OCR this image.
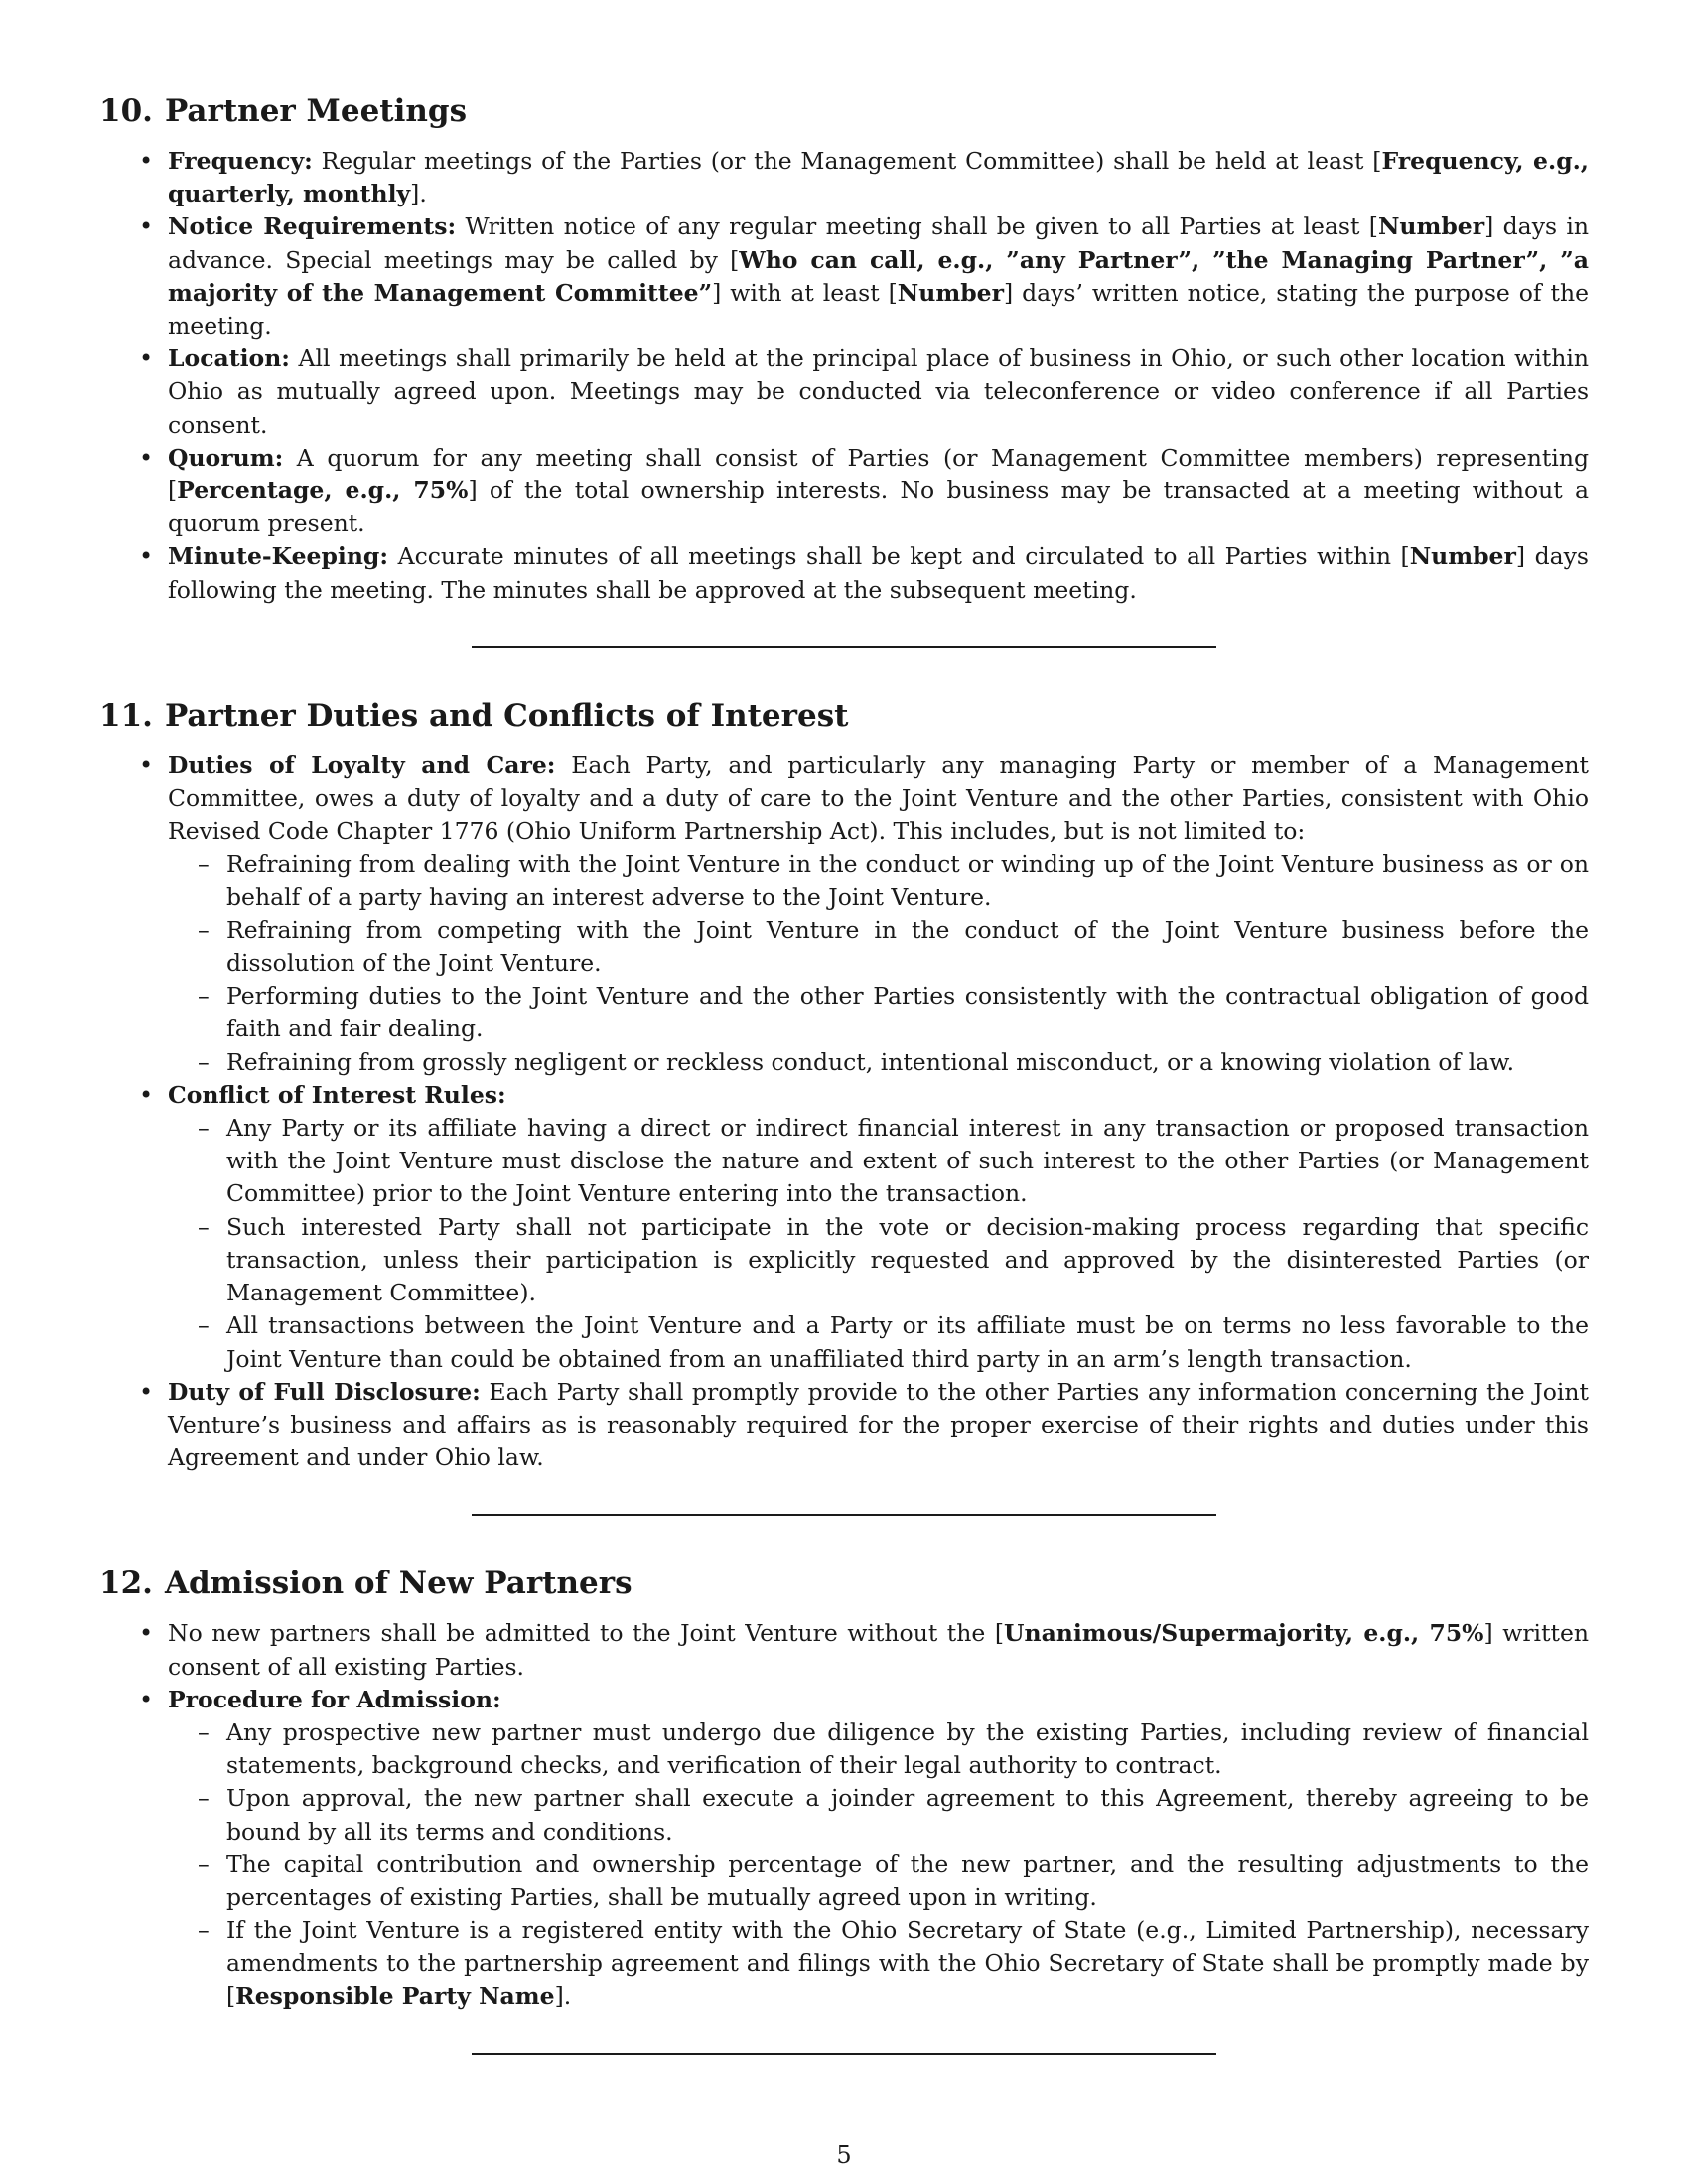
10. Partner Meetings
• Frequency: Regular meetings of the Parties (or the Management Committee) shall be held at least [Frequency, e.g., quarterly, monthly].
• Notice Requirements: Written notice of any regular meeting shall be given to all Parties at least [Number] days in advance. Special meetings may be called by [Who can call, e.g., ”any Partner”, ”the Managing Partner”, ”a majority of the Management Committee”] with at least [Number] days’ written notice, stating the purpose of the meeting.
• Location: All meetings shall primarily be held at the principal place of business in Ohio, or such other location within Ohio as mutually agreed upon. Meetings may be conducted via teleconference or video conference if all Parties consent.
• Quorum: A quorum for any meeting shall consist of Parties (or Management Committee members) representing [Percentage, e.g., 75%] of the total ownership interests. No business may be transacted at a meeting without a quorum present.
• Minute-Keeping: Accurate minutes of all meetings shall be kept and circulated to all Parties within [Number] days following the meeting. The minutes shall be approved at the subsequent meeting.
11. Partner Duties and Conflicts of Interest
• Duties of Loyalty and Care: Each Party, and particularly any managing Party or member of a Management Committee, owes a duty of loyalty and a duty of care to the Joint Venture and the other Parties, consistent with Ohio Revised Code Chapter 1776 (Ohio Uniform Partnership Act). This includes, but is not limited to:
– Refraining from dealing with the Joint Venture in the conduct or winding up of the Joint Venture business as or on behalf of a party having an interest adverse to the Joint Venture.
– Refraining from competing with the Joint Venture in the conduct of the Joint Venture business before the dissolution of the Joint Venture.
– Performing duties to the Joint Venture and the other Parties consistently with the contractual obligation of good faith and fair dealing.
– Refraining from grossly negligent or reckless conduct, intentional misconduct, or a knowing violation of law.
• Conflict of Interest Rules:
– Any Party or its affiliate having a direct or indirect financial interest in any transaction or proposed transaction with the Joint Venture must disclose the nature and extent of such interest to the other Parties (or Management Committee) prior to the Joint Venture entering into the transaction.
– Such interested Party shall not participate in the vote or decision-making process regarding that specific transaction, unless their participation is explicitly requested and approved by the disinterested Parties (or Management Committee).
– All transactions between the Joint Venture and a Party or its affiliate must be on terms no less favorable to the Joint Venture than could be obtained from an unaffiliated third party in an arm’s length transaction.
• Duty of Full Disclosure: Each Party shall promptly provide to the other Parties any information concerning the Joint Venture’s business and affairs as is reasonably required for the proper exercise of their rights and duties under this Agreement and under Ohio law.
12. Admission of New Partners
• No new partners shall be admitted to the Joint Venture without the [Unanimous/Supermajority, e.g., 75%] written consent of all existing Parties.
• Procedure for Admission:
– Any prospective new partner must undergo due diligence by the existing Parties, including review of financial statements, background checks, and verification of their legal authority to contract.
– Upon approval, the new partner shall execute a joinder agreement to this Agreement, thereby agreeing to be bound by all its terms and conditions.
– The capital contribution and ownership percentage of the new partner, and the resulting adjustments to the percentages of existing Parties, shall be mutually agreed upon in writing.
– If the Joint Venture is a registered entity with the Ohio Secretary of State (e.g., Limited Partnership), necessary amendments to the partnership agreement and filings with the Ohio Secretary of State shall be promptly made by [Responsible Party Name].
5
